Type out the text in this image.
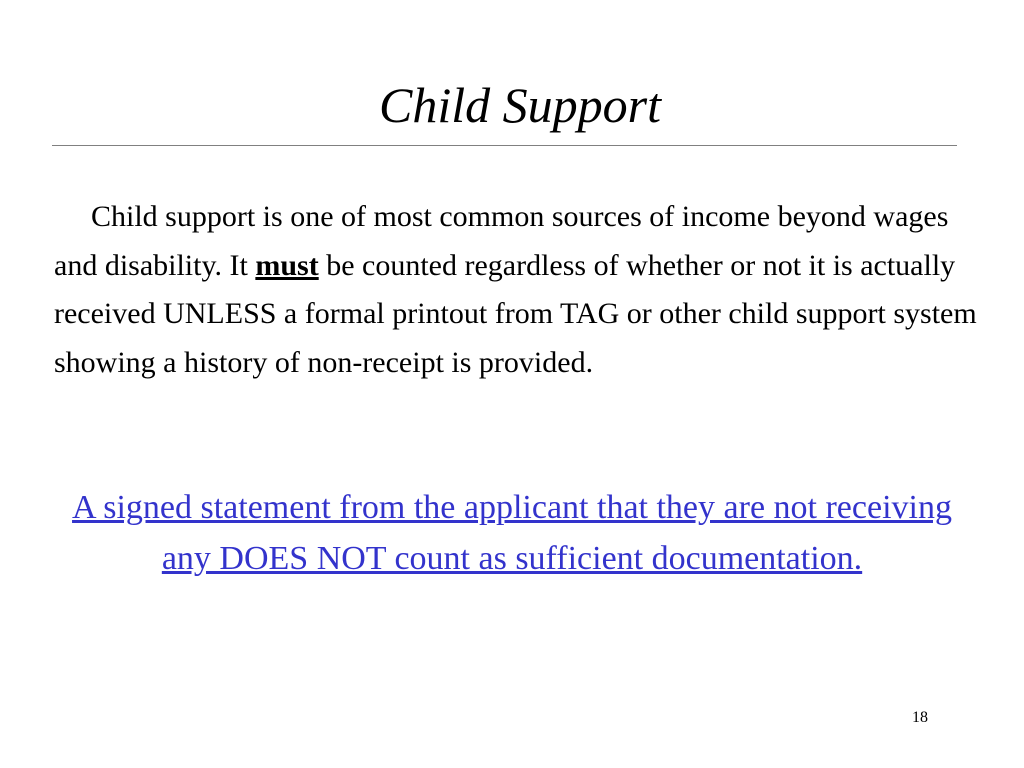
Child Support

Child support is one of most common sources of income beyond wages and disability. It must be counted regardless of whether or not it is actually received UNLESS a formal printout from TAG or other child support system showing a history of non-receipt is provided.

A signed statement from the applicant that they are not receiving any DOES NOT count as sufficient documentation.

18
